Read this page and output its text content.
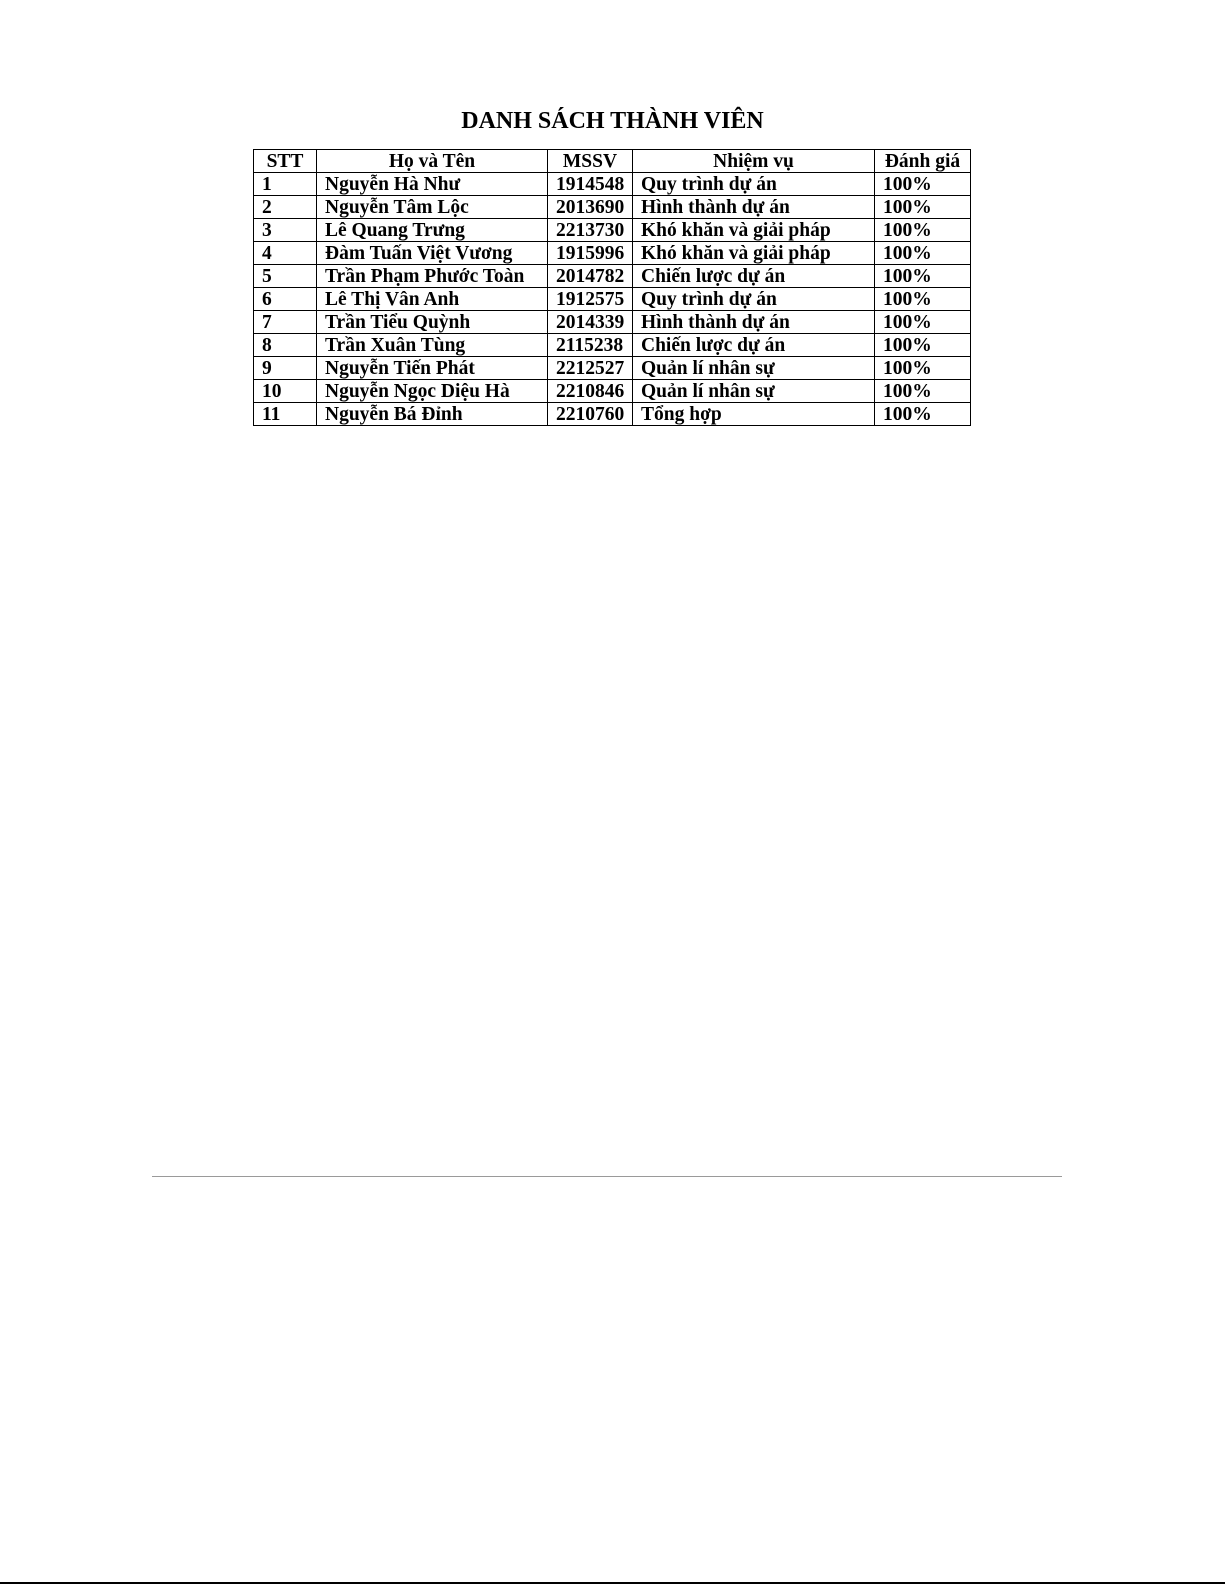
DANH SÁCH THÀNH VIÊN
STT	Họ và Tên	MSSV	Nhiệm vụ	Đánh giá
1	Nguyễn Hà Như	1914548	Quy trình dự án	100%
2	Nguyễn Tâm Lộc	2013690	Hình thành dự án	100%
3	Lê Quang Trưng	2213730	Khó khăn và giải pháp	100%
4	Đàm Tuấn Việt Vương	1915996	Khó khăn và giải pháp	100%
5	Trần Phạm Phước Toàn	2014782	Chiến lược dự án	100%
6	Lê Thị Vân Anh	1912575	Quy trình dự án	100%
7	Trần Tiểu Quỳnh	2014339	Hình thành dự án	100%
8	Trần Xuân Tùng	2115238	Chiến lược dự án	100%
9	Nguyễn Tiến Phát	2212527	Quản lí nhân sự	100%
10	Nguyễn Ngọc Diệu Hà	2210846	Quản lí nhân sự	100%
11	Nguyễn Bá Đỉnh	2210760	Tổng hợp	100%
